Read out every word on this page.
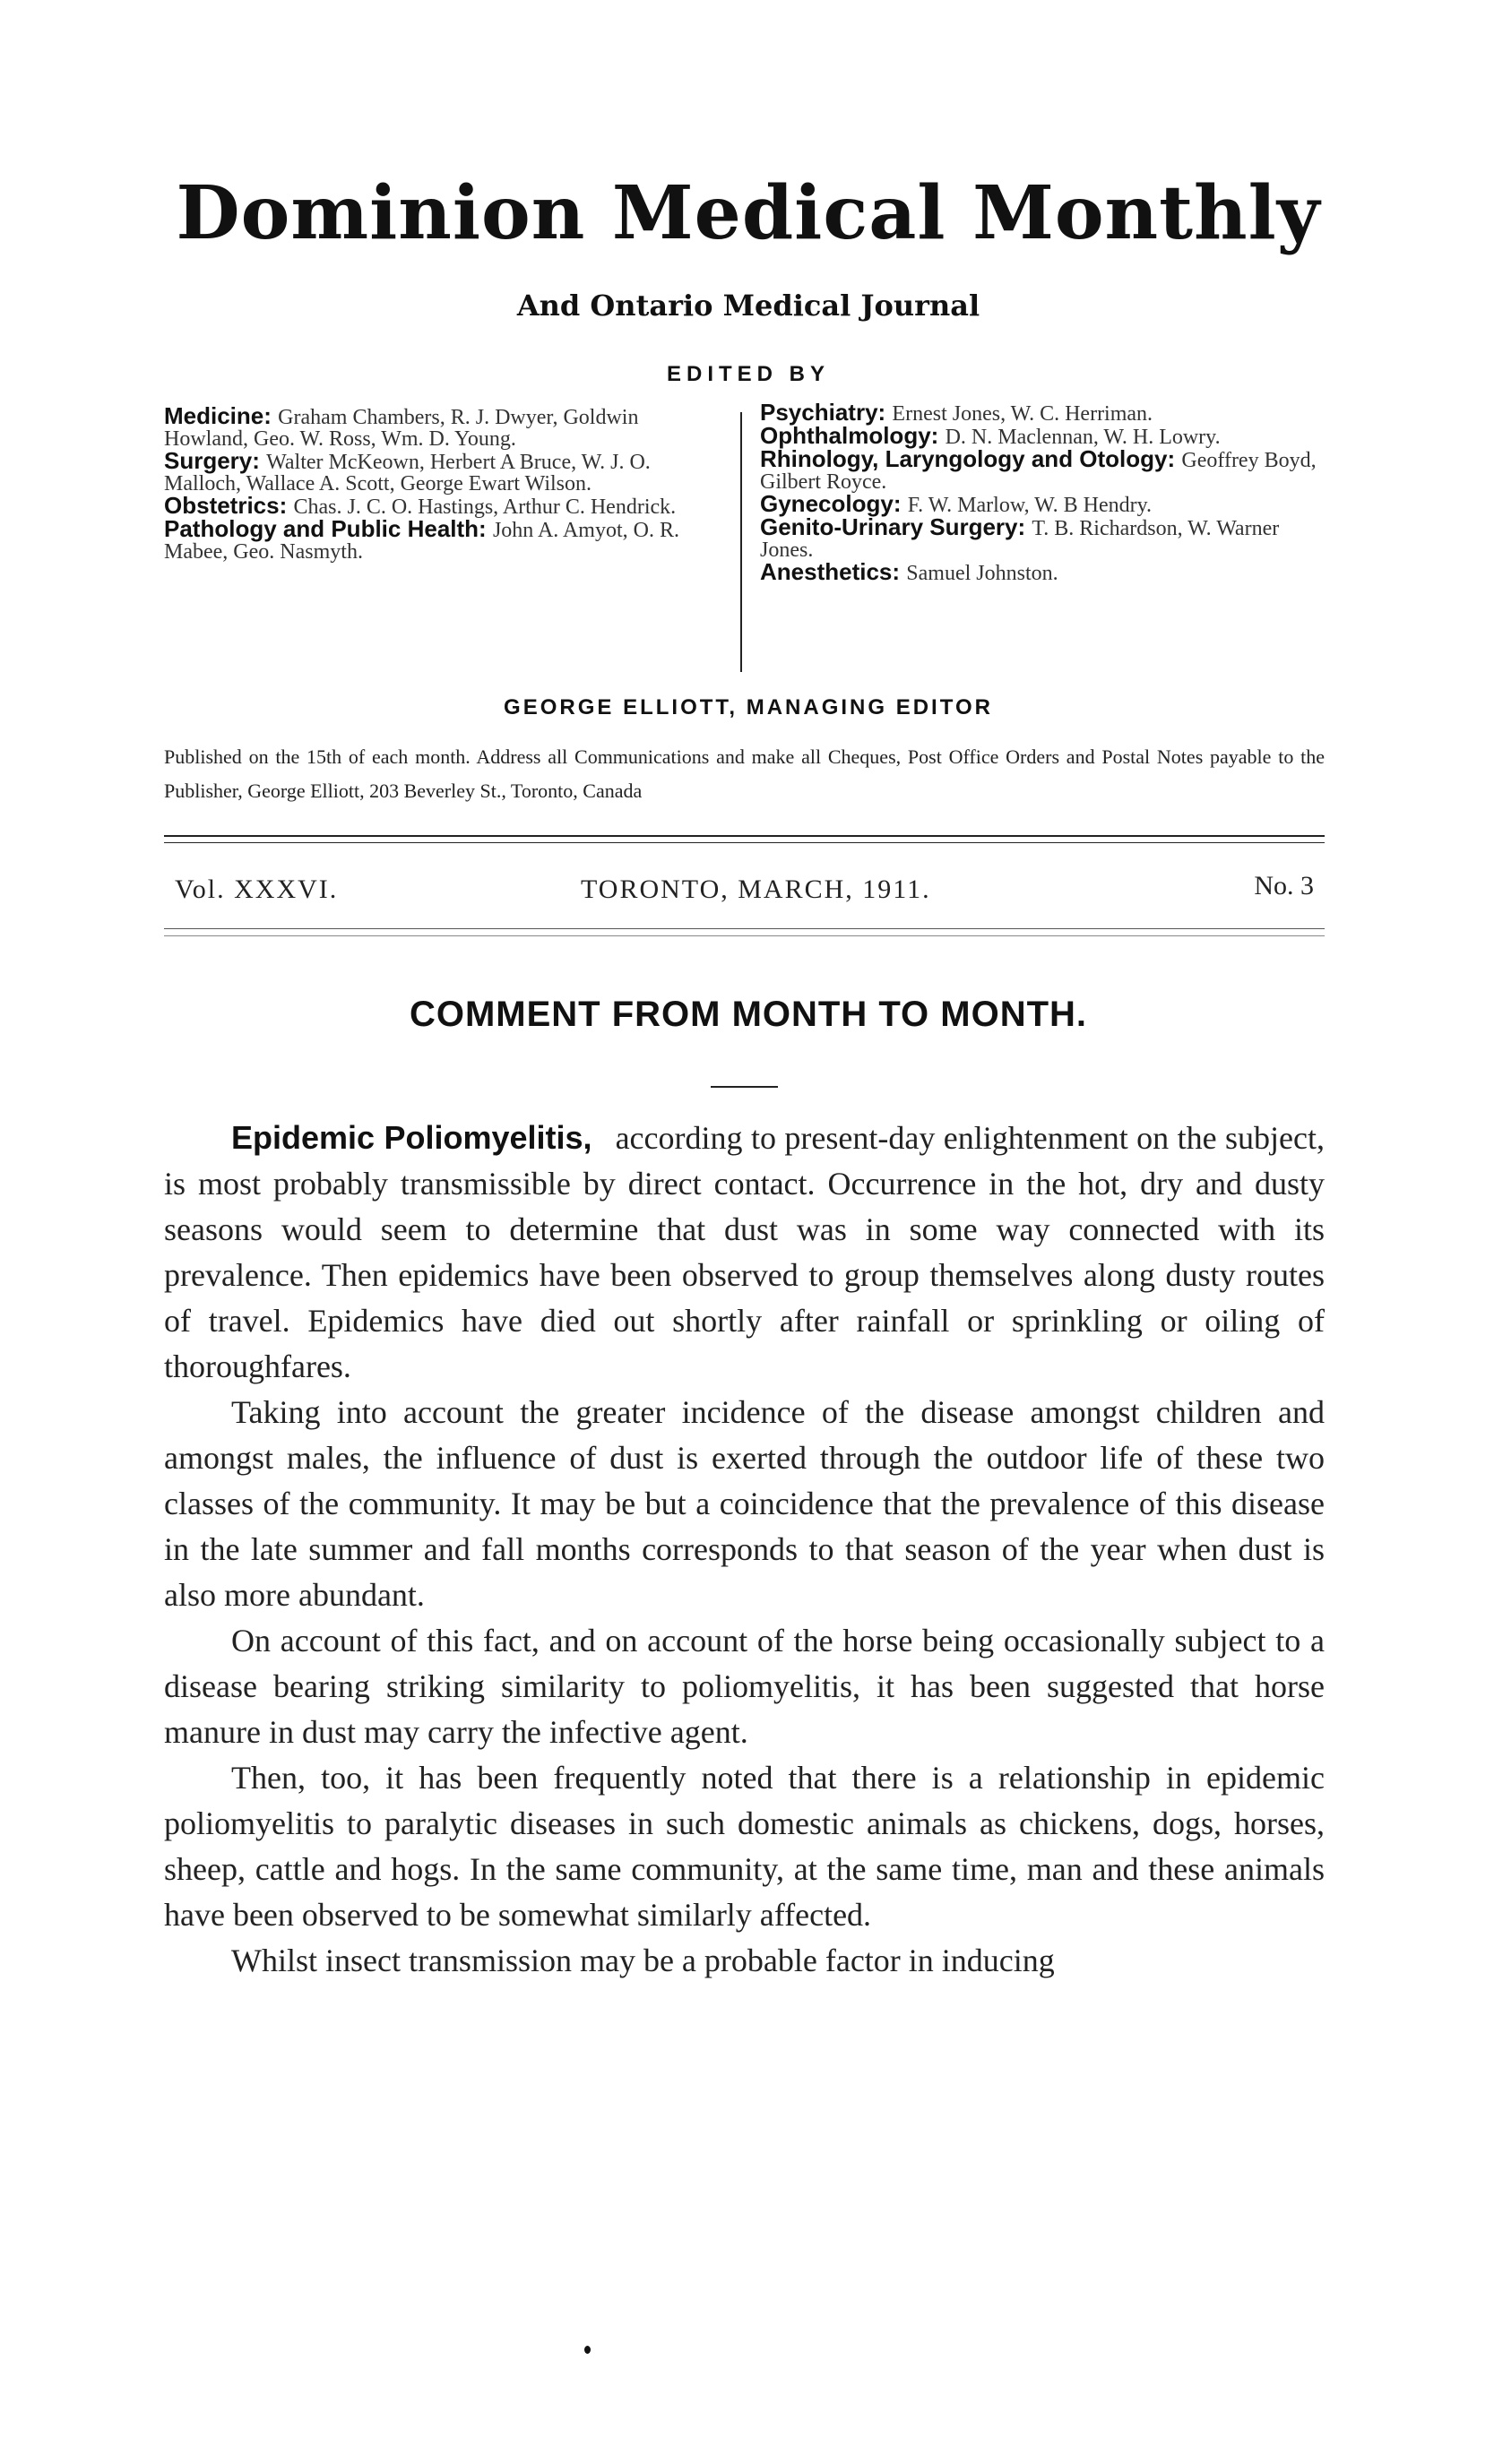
Dominion Medical Monthly
And Ontario Medical Journal
EDITED BY

Medicine: Graham Chambers, R. J. Dwyer, Goldwin Howland, Geo. W. Ross, Wm. D. Young.

Surgery: Walter McKeown, Herbert A Bruce, W. J. O. Malloch, Wallace A. Scott, George Ewart Wilson.

Obstetrics: Chas. J. C. O. Hastings, Arthur C. Hendrick.

Pathology and Public Health: John A. Amyot, O. R. Mabee, Geo. Nasmyth.

Psychiatry: Ernest Jones, W. C. Herriman.

Ophthalmology: D. N. Maclennan, W. H. Lowry.

Rhinology, Laryngology and Otology: Geoffrey Boyd, Gilbert Royce.

Gynecology: F. W. Marlow, W. B Hendry.

Genito-Urinary Surgery: T. B. Richardson, W. Warner Jones.

Anesthetics: Samuel Johnston.

GEORGE ELLIOTT, MANAGING EDITOR
Published on the 15th of each month. Address all Communications and make all Cheques, Post Office Orders and Postal Notes payable to the Publisher, George Elliott, 203 Beverley St., Toronto, Canada
Vol. XXXVI.	TORONTO, MARCH, 1911.	No. 3
COMMENT FROM MONTH TO MONTH.

Epidemic Poliomyelitis, according to present-day enlightenment on the subject, is most probably transmissible by direct contact. Occurrence in the hot, dry and dusty seasons would seem to determine that dust was in some way connected with its prevalence. Then epidemics have been observed to group themselves along dusty routes of travel. Epidemics have died out shortly after rainfall or sprinkling or oiling of thoroughfares.

Taking into account the greater incidence of the disease amongst children and amongst males, the influence of dust is exerted through the outdoor life of these two classes of the community. It may be but a coincidence that the prevalence of this disease in the late summer and fall months corresponds to that season of the year when dust is also more abundant.

On account of this fact, and on account of the horse being occasionally subject to a disease bearing striking similarity to poliomyelitis, it has been suggested that horse manure in dust may carry the infective agent.

Then, too, it has been frequently noted that there is a relationship in epidemic poliomyelitis to paralytic diseases in such domestic animals as chickens, dogs, horses, sheep, cattle and hogs. In the same community, at the same time, man and these animals have been observed to be somewhat similarly affected.

Whilst insect transmission may be a probable factor in inducing
